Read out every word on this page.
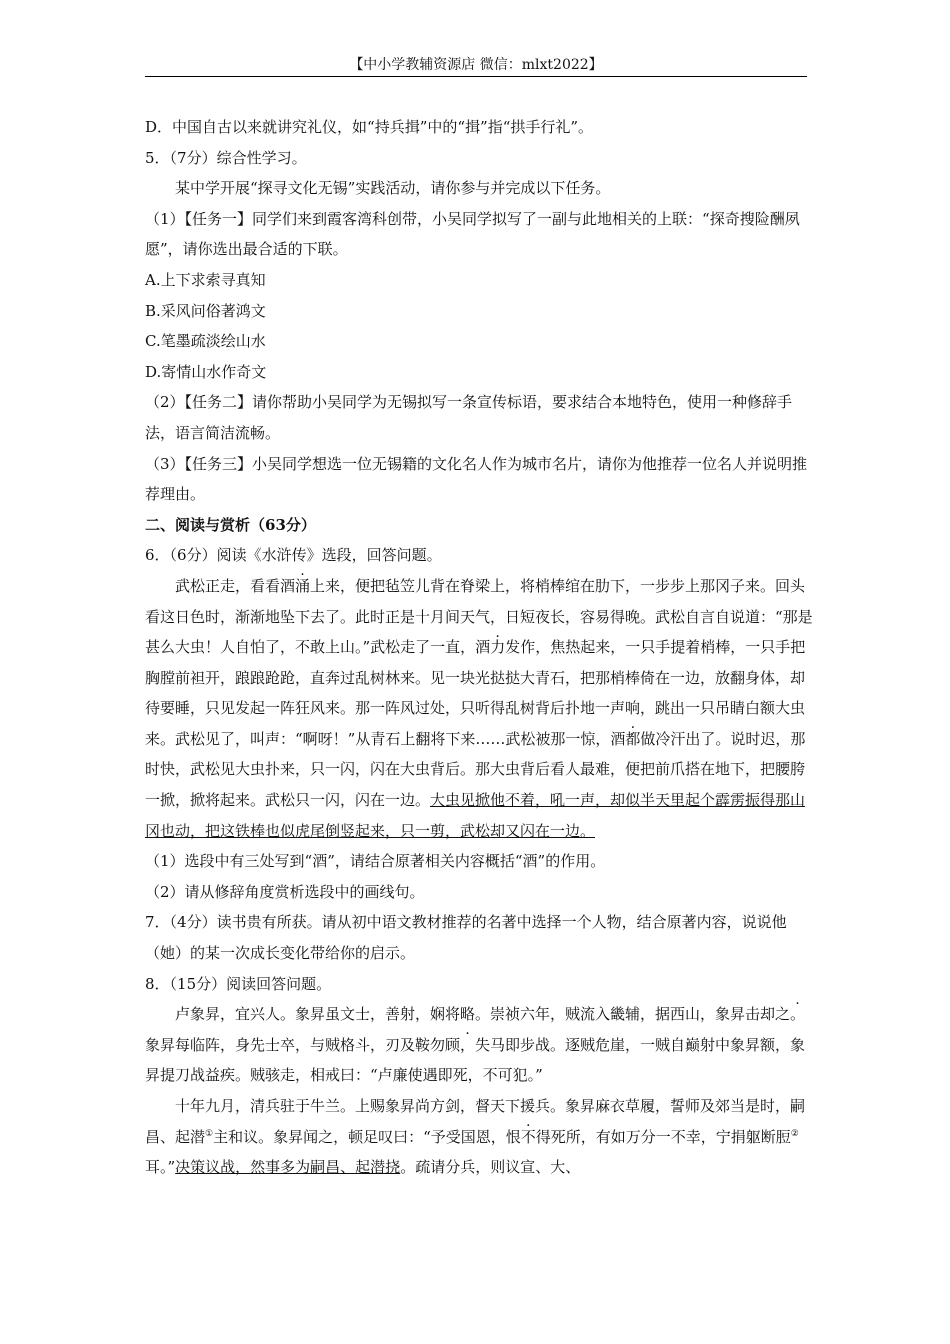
【中小学教辅资源店 微信：mlxt2022】

D．中国自古以来就讲究礼仪，如“持兵揖”中的“揖”指“拱手行礼”。

5．（7分）综合性学习。

某中学开展“探寻文化无锡”实践活动，请你参与并完成以下任务。

（1）【任务一】同学们来到霞客湾科创带，小吴同学拟写了一副与此地相关的上联：“探奇搜险酬夙愿”，请你选出最合适的下联。

A.上下求索寻真知

B.采风问俗著鸿文

C.笔墨疏淡绘山水

D.寄情山水作奇文

（2）【任务二】请你帮助小吴同学为无锡拟写一条宣传标语，要求结合本地特色，使用一种修辞手法，语言简洁流畅。

（3）【任务三】小吴同学想选一位无锡籍的文化名人作为城市名片，请你为他推荐一位名人并说明推荐理由。

二、阅读与赏析（63分）

6．（6分）阅读《水浒传》选段，回答问题。

武松正走，看看酒涌上来，便把毡笠儿背在脊梁上，将梢棒绾在肋下，一步步上那冈子来。回头看这日色时，渐渐地坠下去了。此时正是十月间天气，日短夜长，容易得晚。武松自言自说道：“那是甚么大虫！人自怕了，不敢上山。”武松走了一直，酒力发作，焦热起来，一只手提着梢棒，一只手把胸膛前袒开，踉踉跄跄，直奔过乱树林来。见一块光挞挞大青石，把那梢棒倚在一边，放翻身体，却待要睡，只见发起一阵狂风来。那一阵风过处，只听得乱树背后扑地一声响，跳出一只吊睛白额大虫来。武松见了，叫声：“啊呀！”从青石上翻将下来……武松被那一惊，酒都做冷汗出了。说时迟，那时快，武松见大虫扑来，只一闪，闪在大虫背后。那大虫背后看人最难，便把前爪搭在地下，把腰胯一掀，掀将起来。武松只一闪，闪在一边。大虫见掀他不着，吼一声，却似半天里起个霹雳振得那山冈也动，把这铁棒也似虎尾倒竖起来，只一剪，武松却又闪在一边。

（1）选段中有三处写到“酒”，请结合原著相关内容概括“酒”的作用。

（2）请从修辞角度赏析选段中的画线句。

7．（4分）读书贵有所获。请从初中语文教材推荐的名著中选择一个人物，结合原著内容，说说他（她）的某一次成长变化带给你的启示。

8．（15分）阅读回答问题。

卢象昇，宜兴人。象昇虽文士，善射，娴将略。崇祯六年，贼流入畿辅，据西山，象昇击却之。象昇每临阵，身先士卒，与贼格斗，刃及鞍勿顾，失马即步战。逐贼危崖，一贼自巅射中象昇额，象昇提刀战益疾。贼骇走，相戒曰：“卢廉使遇即死，不可犯。”

十年九月，清兵驻于牛兰。上赐象昇尚方剑，督天下援兵。象昇麻衣草履，誓师及郊当是时，嗣昌、起潜①主和议。象昇闻之，顿足叹曰：“予受国恩，恨不得死所，有如万分一不幸，宁捐躯断脰②耳。”决策议战，然事多为嗣昌、起潜挠。疏请分兵，则议宣、大、
